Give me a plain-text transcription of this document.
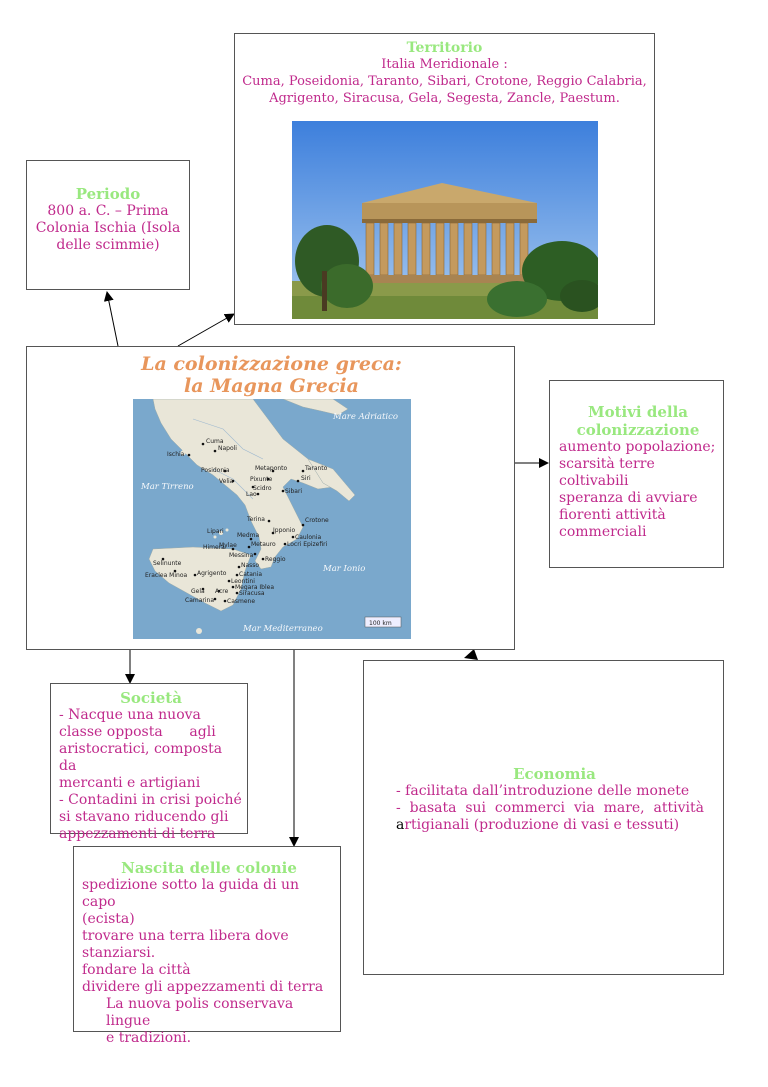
Territorio
Italia Meridionale :
Cuma, Poseidonia, Taranto, Sibari, Crotone, Reggio Calabria,
Agrigento, Siracusa, Gela, Segesta, Zancle, Paestum.
Periodo
800 a. C. – Prima
Colonia Ischia (Isola
delle scimmie)
La colonizzazione greca:
la Magna Grecia
Cuma
Napoli
Ischia
Posidonia
Velia
Metaponto	Taranto
Pixunte	Siri
Scidro Sibari
Lao
Terina	Crotone
Ipponio
Caulonia
Locri Epizefiri
Medma
Metauro
Lipari
Mylae
Himera
Messina
Reggio
Selinunte	Nasso
Catania
Leontini
Megara Iblea
Siracusa
Eraclea Minoa Agrigento
Gela Acre
Camarina Casmene
Mare Adriatico
Mar Tirreno
Mar Ionio
Mar Mediterraneo
100 km
Motivi della
colonizzazione
aumento popolazione;
scarsità terre
coltivabili
speranza di avviare
fiorenti attività
commerciali
Società
- Nacque una nuova
classe opposta      agli
aristocratici, composta da
mercanti e artigiani
- Contadini in crisi poiché
si stavano riducendo gli
appezzamenti di terra
Economia
- facilitata dall’introduzione delle monete
-  basata  sui  commerci  via  mare,  attività
artigianali (produzione di vasi e tessuti)
Nascita delle colonie
spedizione sotto la guida di un capo
(ecista)
trovare una terra libera dove
stanziarsi.
fondare la città
dividere gli appezzamenti di terra
La nuova polis conservava lingue
e tradizioni.
